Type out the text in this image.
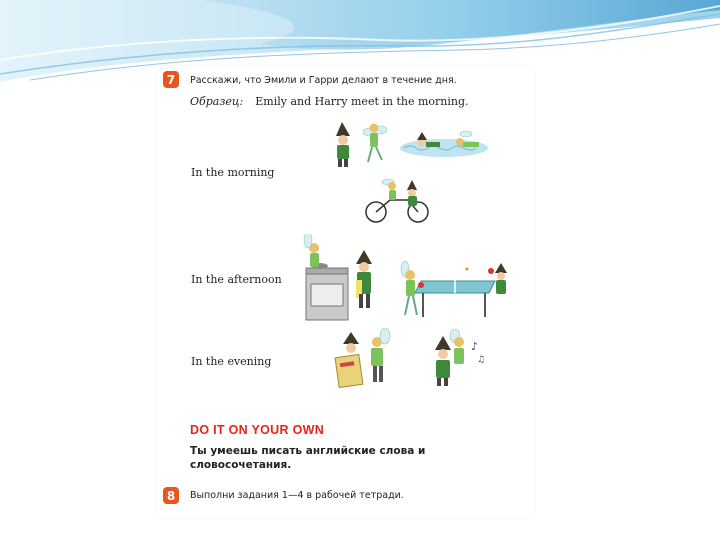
7	Расскажи, что Эмили и Гарри делают в течение дня.
Образец: Emily and Harry meet in the morning.
In the morning
In the afternoon
In the evening
♪
♫
DO IT ON YOUR OWN
Ты умеешь писать английские слова и словосочетания.
8	Выполни задания 1—4 в рабочей тетради.
